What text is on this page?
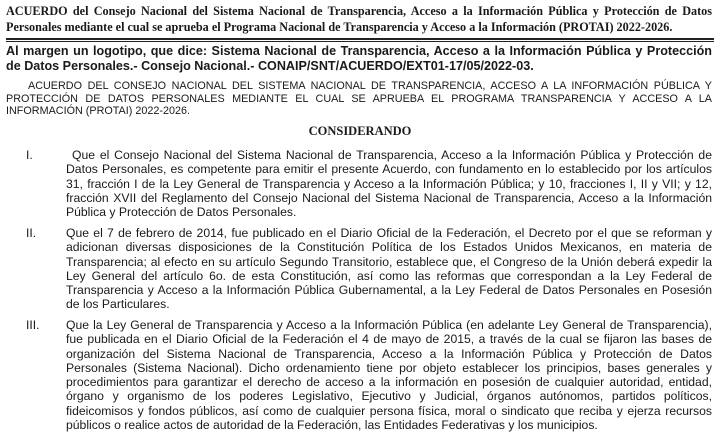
ACUERDO del Consejo Nacional del Sistema Nacional de Transparencia, Acceso a la Información Pública y Protección de Datos Personales mediante el cual se aprueba el Programa Nacional de Transparencia y Acceso a la Información (PROTAI) 2022-2026.
Al margen un logotipo, que dice: Sistema Nacional de Transparencia, Acceso a la Información Pública y Protección de Datos Personales.- Consejo Nacional.- CONAIP/SNT/ACUERDO/EXT01-17/05/2022-03.
ACUERDO DEL CONSEJO NACIONAL DEL SISTEMA NACIONAL DE TRANSPARENCIA, ACCESO A LA INFORMACIÓN PÚBLICA Y PROTECCIÓN DE DATOS PERSONALES MEDIANTE EL CUAL SE APRUEBA EL PROGRAMA TRANSPARENCIA Y ACCESO A LA INFORMACIÓN (PROTAI) 2022-2026.
CONSIDERANDO
I.	Que el Consejo Nacional del Sistema Nacional de Transparencia, Acceso a la Información Pública y Protección de Datos Personales, es competente para emitir el presente Acuerdo, con fundamento en lo establecido por los artículos 31, fracción I de la Ley General de Transparencia y Acceso a la Información Pública; y 10, fracciones I, II y VII; y 12, fracción XVII del Reglamento del Consejo Nacional del Sistema Nacional de Transparencia, Acceso a la Información Pública y Protección de Datos Personales.
II. Que el 7 de febrero de 2014, fue publicado en el Diario Oficial de la Federación, el Decreto por el que se reforman y adicionan diversas disposiciones de la Constitución Política de los Estados Unidos Mexicanos, en materia de Transparencia; al efecto en su artículo Segundo Transitorio, establece que, el Congreso de la Unión deberá expedir la Ley General del artículo 6o. de esta Constitución, así como las reformas que correspondan a la Ley Federal de Transparencia y Acceso a la Información Pública Gubernamental, a la Ley Federal de Datos Personales en Posesión de los Particulares.
III. Que la Ley General de Transparencia y Acceso a la Información Pública (en adelante Ley General de Transparencia), fue publicada en el Diario Oficial de la Federación el 4 de mayo de 2015, a través de la cual se fijaron las bases de organización del Sistema Nacional de Transparencia, Acceso a la Información Pública y Protección de Datos Personales (Sistema Nacional). Dicho ordenamiento tiene por objeto establecer los principios, bases generales y procedimientos para garantizar el derecho de acceso a la información en posesión de cualquier autoridad, entidad, órgano y organismo de los poderes Legislativo, Ejecutivo y Judicial, órganos autónomos, partidos políticos, fideicomisos y fondos públicos, así como de cualquier persona física, moral o sindicato que reciba y ejerza recursos públicos o realice actos de autoridad de la Federación, las Entidades Federativas y los municipios.
